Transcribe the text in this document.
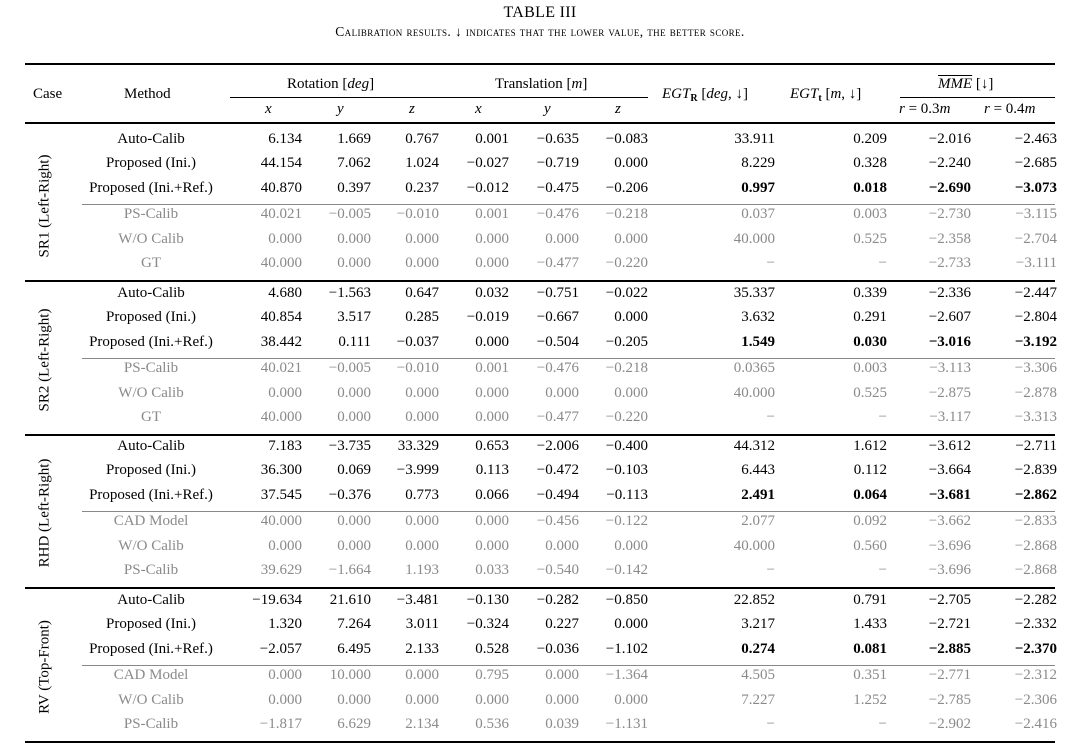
TABLE III
Calibration results. ↓ indicates that the lower value, the better score.
Case	Method
Rotation [deg]	Translation [m]
$EGT_R$ [deg, ↓]	$EGT_t$ [m, ↓]
$\overline{MME}$ [↓]
x	y	z	x	y	z	r = 0.3m r = 0.4m
SR1 (Left-Right)
Auto-Calib	6.134	1.669	0.767	0.001	−0.635	−0.083	33.911	0.209	−2.016	−2.463
Proposed (Ini.)	44.154	7.062	1.024	−0.027	−0.719	0.000	8.229	0.328	−2.240	−2.685
Proposed (Ini.+Ref.)	40.870	0.397	0.237	−0.012	−0.475	−0.206	0.997	0.018	−2.690	−3.073
PS-Calib	40.021	−0.005	−0.010	0.001	−0.476	−0.218	0.037	0.003	−2.730	−3.115
W/O Calib	0.000	0.000	0.000	0.000	0.000	0.000	40.000	0.525	−2.358	−2.704
GT	40.000	0.000	0.000	0.000	−0.477	−0.220	−	−	−2.733	−3.111
SR2 (Left-Right)
Auto-Calib	4.680	−1.563	0.647	0.032	−0.751	−0.022	35.337	0.339	−2.336	−2.447
Proposed (Ini.)	40.854	3.517	0.285	−0.019	−0.667	0.000	3.632	0.291	−2.607	−2.804
Proposed (Ini.+Ref.)	38.442	0.111	−0.037	0.000	−0.504	−0.205	1.549	0.030	−3.016	−3.192
PS-Calib	40.021	−0.005	−0.010	0.001	−0.476	−0.218	0.0365	0.003	−3.113	−3.306
W/O Calib	0.000	0.000	0.000	0.000	0.000	0.000	40.000	0.525	−2.875	−2.878
GT	40.000	0.000	0.000	0.000	−0.477	−0.220	−	−	−3.117	−3.313
RHD (Left-Right)
Auto-Calib	7.183	−3.735	33.329	0.653	−2.006	−0.400	44.312	1.612	−3.612	−2.711
Proposed (Ini.)	36.300	0.069	−3.999	0.113	−0.472	−0.103	6.443	0.112	−3.664	−2.839
Proposed (Ini.+Ref.)	37.545	−0.376	0.773	0.066	−0.494	−0.113	2.491	0.064	−3.681	−2.862
CAD Model	40.000	0.000	0.000	0.000	−0.456	−0.122	2.077	0.092	−3.662	−2.833
W/O Calib	0.000	0.000	0.000	0.000	0.000	0.000	40.000	0.560	−3.696	−2.868
PS-Calib	39.629	−1.664	1.193	0.033	−0.540	−0.142	−	−	−3.696	−2.868
RV (Top-Front)
Auto-Calib	−19.634	21.610	−3.481	−0.130	−0.282	−0.850	22.852	0.791	−2.705	−2.282
Proposed (Ini.)	1.320	7.264	3.011	−0.324	0.227	0.000	3.217	1.433	−2.721	−2.332
Proposed (Ini.+Ref.)	−2.057	6.495	2.133	0.528	−0.036	−1.102	0.274	0.081	−2.885	−2.370
CAD Model	0.000	10.000	0.000	0.795	0.000	−1.364	4.505	0.351	−2.771	−2.312
W/O Calib	0.000	0.000	0.000	0.000	0.000	0.000	7.227	1.252	−2.785	−2.306
PS-Calib	−1.817	6.629	2.134	0.536	0.039	−1.131	−	−	−2.902	−2.416
